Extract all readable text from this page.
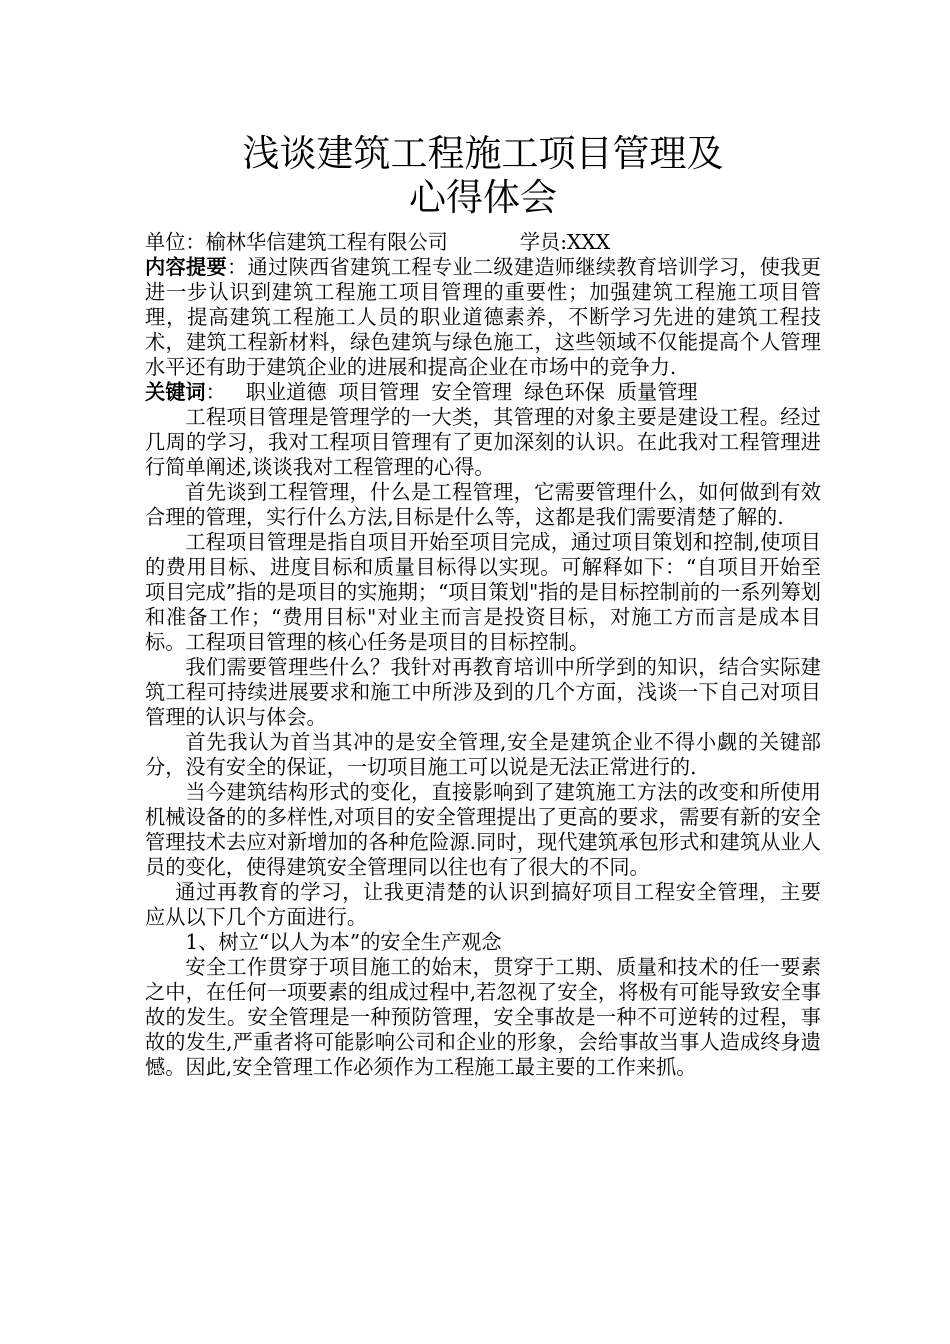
浅谈建筑工程施工项目管理及
心得体会
单位：榆林华信建筑工程有限公司	学员:XXX

内容提要：通过陕西省建筑工程专业二级建造师继续教育培训学习，使我更进一步认识到建筑工程施工项目管理的重要性；加强建筑工程施工项目管理，提高建筑工程施工人员的职业道德素养，不断学习先进的建筑工程技术，建筑工程新材料，绿色建筑与绿色施工，这些领域不仅能提高个人管理水平还有助于建筑企业的进展和提高企业在市场中的竞争力.

关键词： 职业道德 项目管理 安全管理 绿色环保 质量管理

工程项目管理是管理学的一大类，其管理的对象主要是建设工程。经过几周的学习，我对工程项目管理有了更加深刻的认识。在此我对工程管理进行简单阐述,谈谈我对工程管理的心得。

首先谈到工程管理，什么是工程管理，它需要管理什么，如何做到有效合理的管理，实行什么方法,目标是什么等，这都是我们需要清楚了解的.

工程项目管理是指自项目开始至项目完成，通过项目策划和控制,使项目的费用目标、进度目标和质量目标得以实现。可解释如下：“自项目开始至项目完成”指的是项目的实施期；“项目策划"指的是目标控制前的一系列筹划和准备工作；“费用目标"对业主而言是投资目标，对施工方而言是成本目标。工程项目管理的核心任务是项目的目标控制。

我们需要管理些什么？我针对再教育培训中所学到的知识，结合实际建筑工程可持续进展要求和施工中所涉及到的几个方面，浅谈一下自己对项目管理的认识与体会。

首先我认为首当其冲的是安全管理,安全是建筑企业不得小觑的关键部分，没有安全的保证，一切项目施工可以说是无法正常进行的.

当今建筑结构形式的变化，直接影响到了建筑施工方法的改变和所使用机械设备的的多样性,对项目的安全管理提出了更高的要求，需要有新的安全管理技术去应对新增加的各种危险源.同时，现代建筑承包形式和建筑从业人员的变化，使得建筑安全管理同以往也有了很大的不同。

通过再教育的学习，让我更清楚的认识到搞好项目工程安全管理，主要应从以下几个方面进行。

1、树立“以人为本”的安全生产观念

安全工作贯穿于项目施工的始末，贯穿于工期、质量和技术的任一要素之中，在任何一项要素的组成过程中,若忽视了安全，将极有可能导致安全事故的发生。安全管理是一种预防管理，安全事故是一种不可逆转的过程，事故的发生,严重者将可能影响公司和企业的形象，会给事故当事人造成终身遗憾。因此,安全管理工作必须作为工程施工最主要的工作来抓。
